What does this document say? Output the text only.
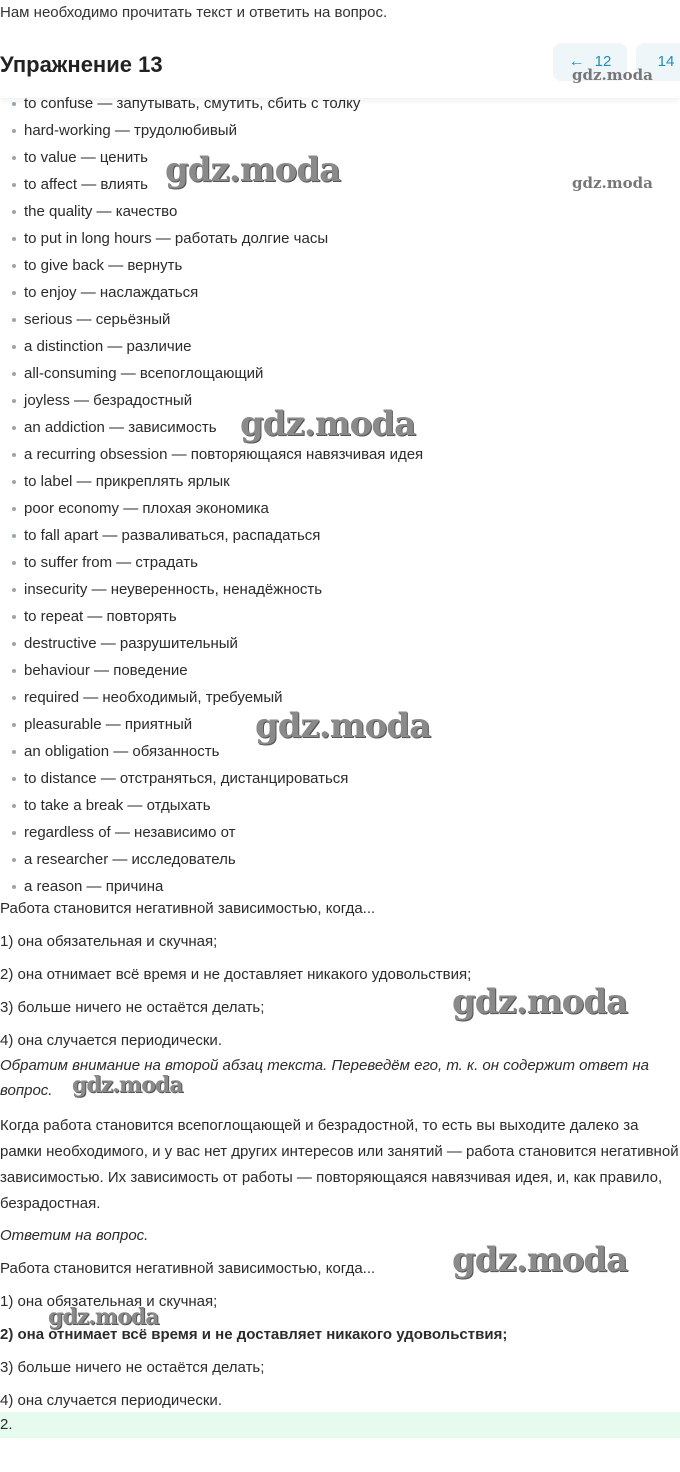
Нам необходимо прочитать текст и ответить на вопрос.
Упражнение 13	← 12	14
to confuse — запутывать, смутить, сбить с толку
hard-working — трудолюбивый
to value — ценить
to affect — влиять
the quality — качество
to put in long hours — работать долгие часы
to give back — вернуть
to enjoy — наслаждаться
serious — серьёзный
a distinction — различие
all-consuming — всепоглощающий
joyless — безрадостный
an addiction — зависимость
a recurring obsession — повторяющаяся навязчивая идея
to label — прикреплять ярлык
poor economy — плохая экономика
to fall apart — разваливаться, распадаться
to suffer from — страдать
insecurity — неуверенность, ненадёжность
to repeat — повторять
destructive — разрушительный
behaviour — поведение
required — необходимый, требуемый
pleasurable — приятный
an obligation — обязанность
to distance — отстраняться, дистанцироваться
to take a break — отдыхать
regardless of — независимо от
a researcher — исследователь
a reason — причина
Работа становится негативной зависимостью, когда...
1) она обязательная и скучная;
2) она отнимает всё время и не доставляет никакого удовольствия;
3) больше ничего не остаётся делать;
4) она случается периодически.
Обратим внимание на второй абзац текста. Переведём его, т. к. он содержит ответ на
вопрос.
Когда работа становится всепоглощающей и безрадостной, то есть вы выходите далеко за рамки необходимого, и у вас нет других интересов или занятий — работа становится негативной зависимостью. Их зависимость от работы — повторяющаяся навязчивая идея, и, как правило, безрадостная.
Ответим на вопрос.
Работа становится негативной зависимостью, когда...
1) она обязательная и скучная;
2) она отнимает всё время и не доставляет никакого удовольствия;
3) больше ничего не остаётся делать;
4) она случается периодически.
2.
gdz.moda
gdz.moda	gdz.moda
gdz.moda
gdz.moda
gdz.moda
gdz.moda
gdz.moda
gdz.moda
